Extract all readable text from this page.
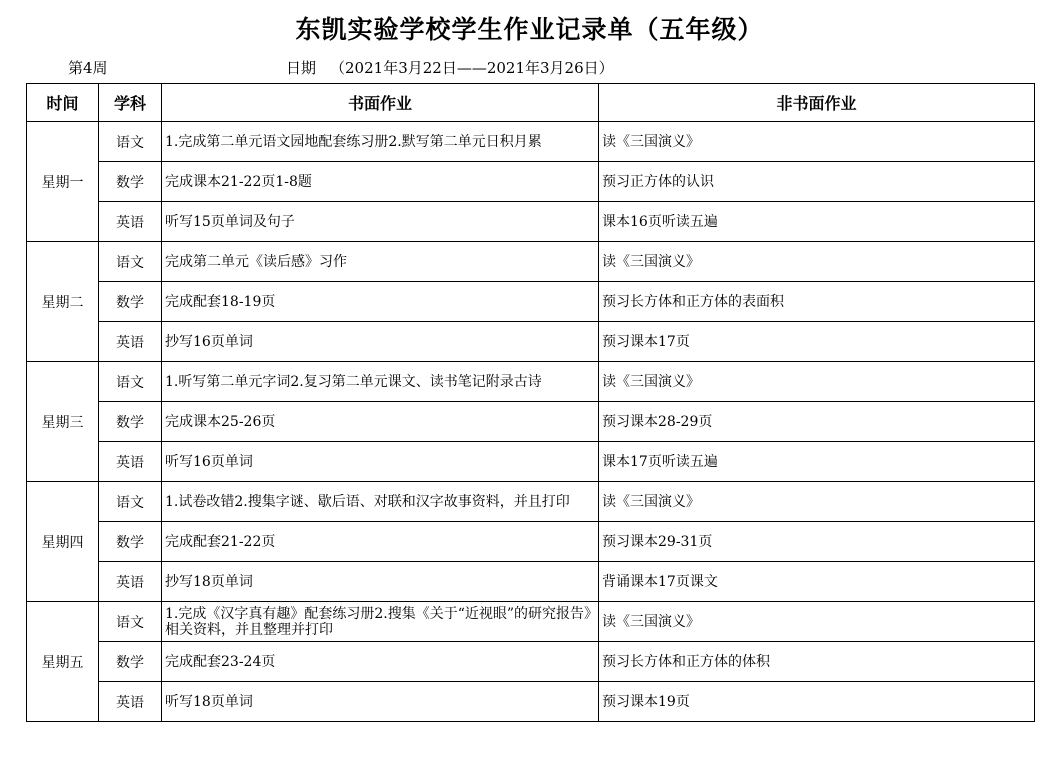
东凯实验学校学生作业记录单（五年级）
第4周	日期 （2021年3月22日——2021年3月26日）
时间	学科	书面作业	非书面作业
星期一	语文	1.完成第二单元语文园地配套练习册2.默写第二单元日积月累	读《三国演义》
	数学	完成课本21-22页1-8题	预习正方体的认识
	英语	听写15页单词及句子	课本16页听读五遍
星期二	语文	完成第二单元《读后感》习作	读《三国演义》
	数学	完成配套18-19页	预习长方体和正方体的表面积
	英语	抄写16页单词	预习课本17页
星期三	语文	1.听写第二单元字词2.复习第二单元课文、读书笔记附录古诗	读《三国演义》
	数学	完成课本25-26页	预习课本28-29页
	英语	听写16页单词	课本17页听读五遍
星期四	语文	1.试卷改错2.搜集字谜、歇后语、对联和汉字故事资料，并且打印	读《三国演义》
	数学	完成配套21-22页	预习课本29-31页
	英语	抄写18页单词	背诵课本17页课文
星期五	语文	1.完成《汉字真有趣》配套练习册2.搜集《关于“近视眼”的研究报告》相关资料，并且整理并打印	读《三国演义》
	数学	完成配套23-24页	预习长方体和正方体的体积
	英语	听写18页单词	预习课本19页
